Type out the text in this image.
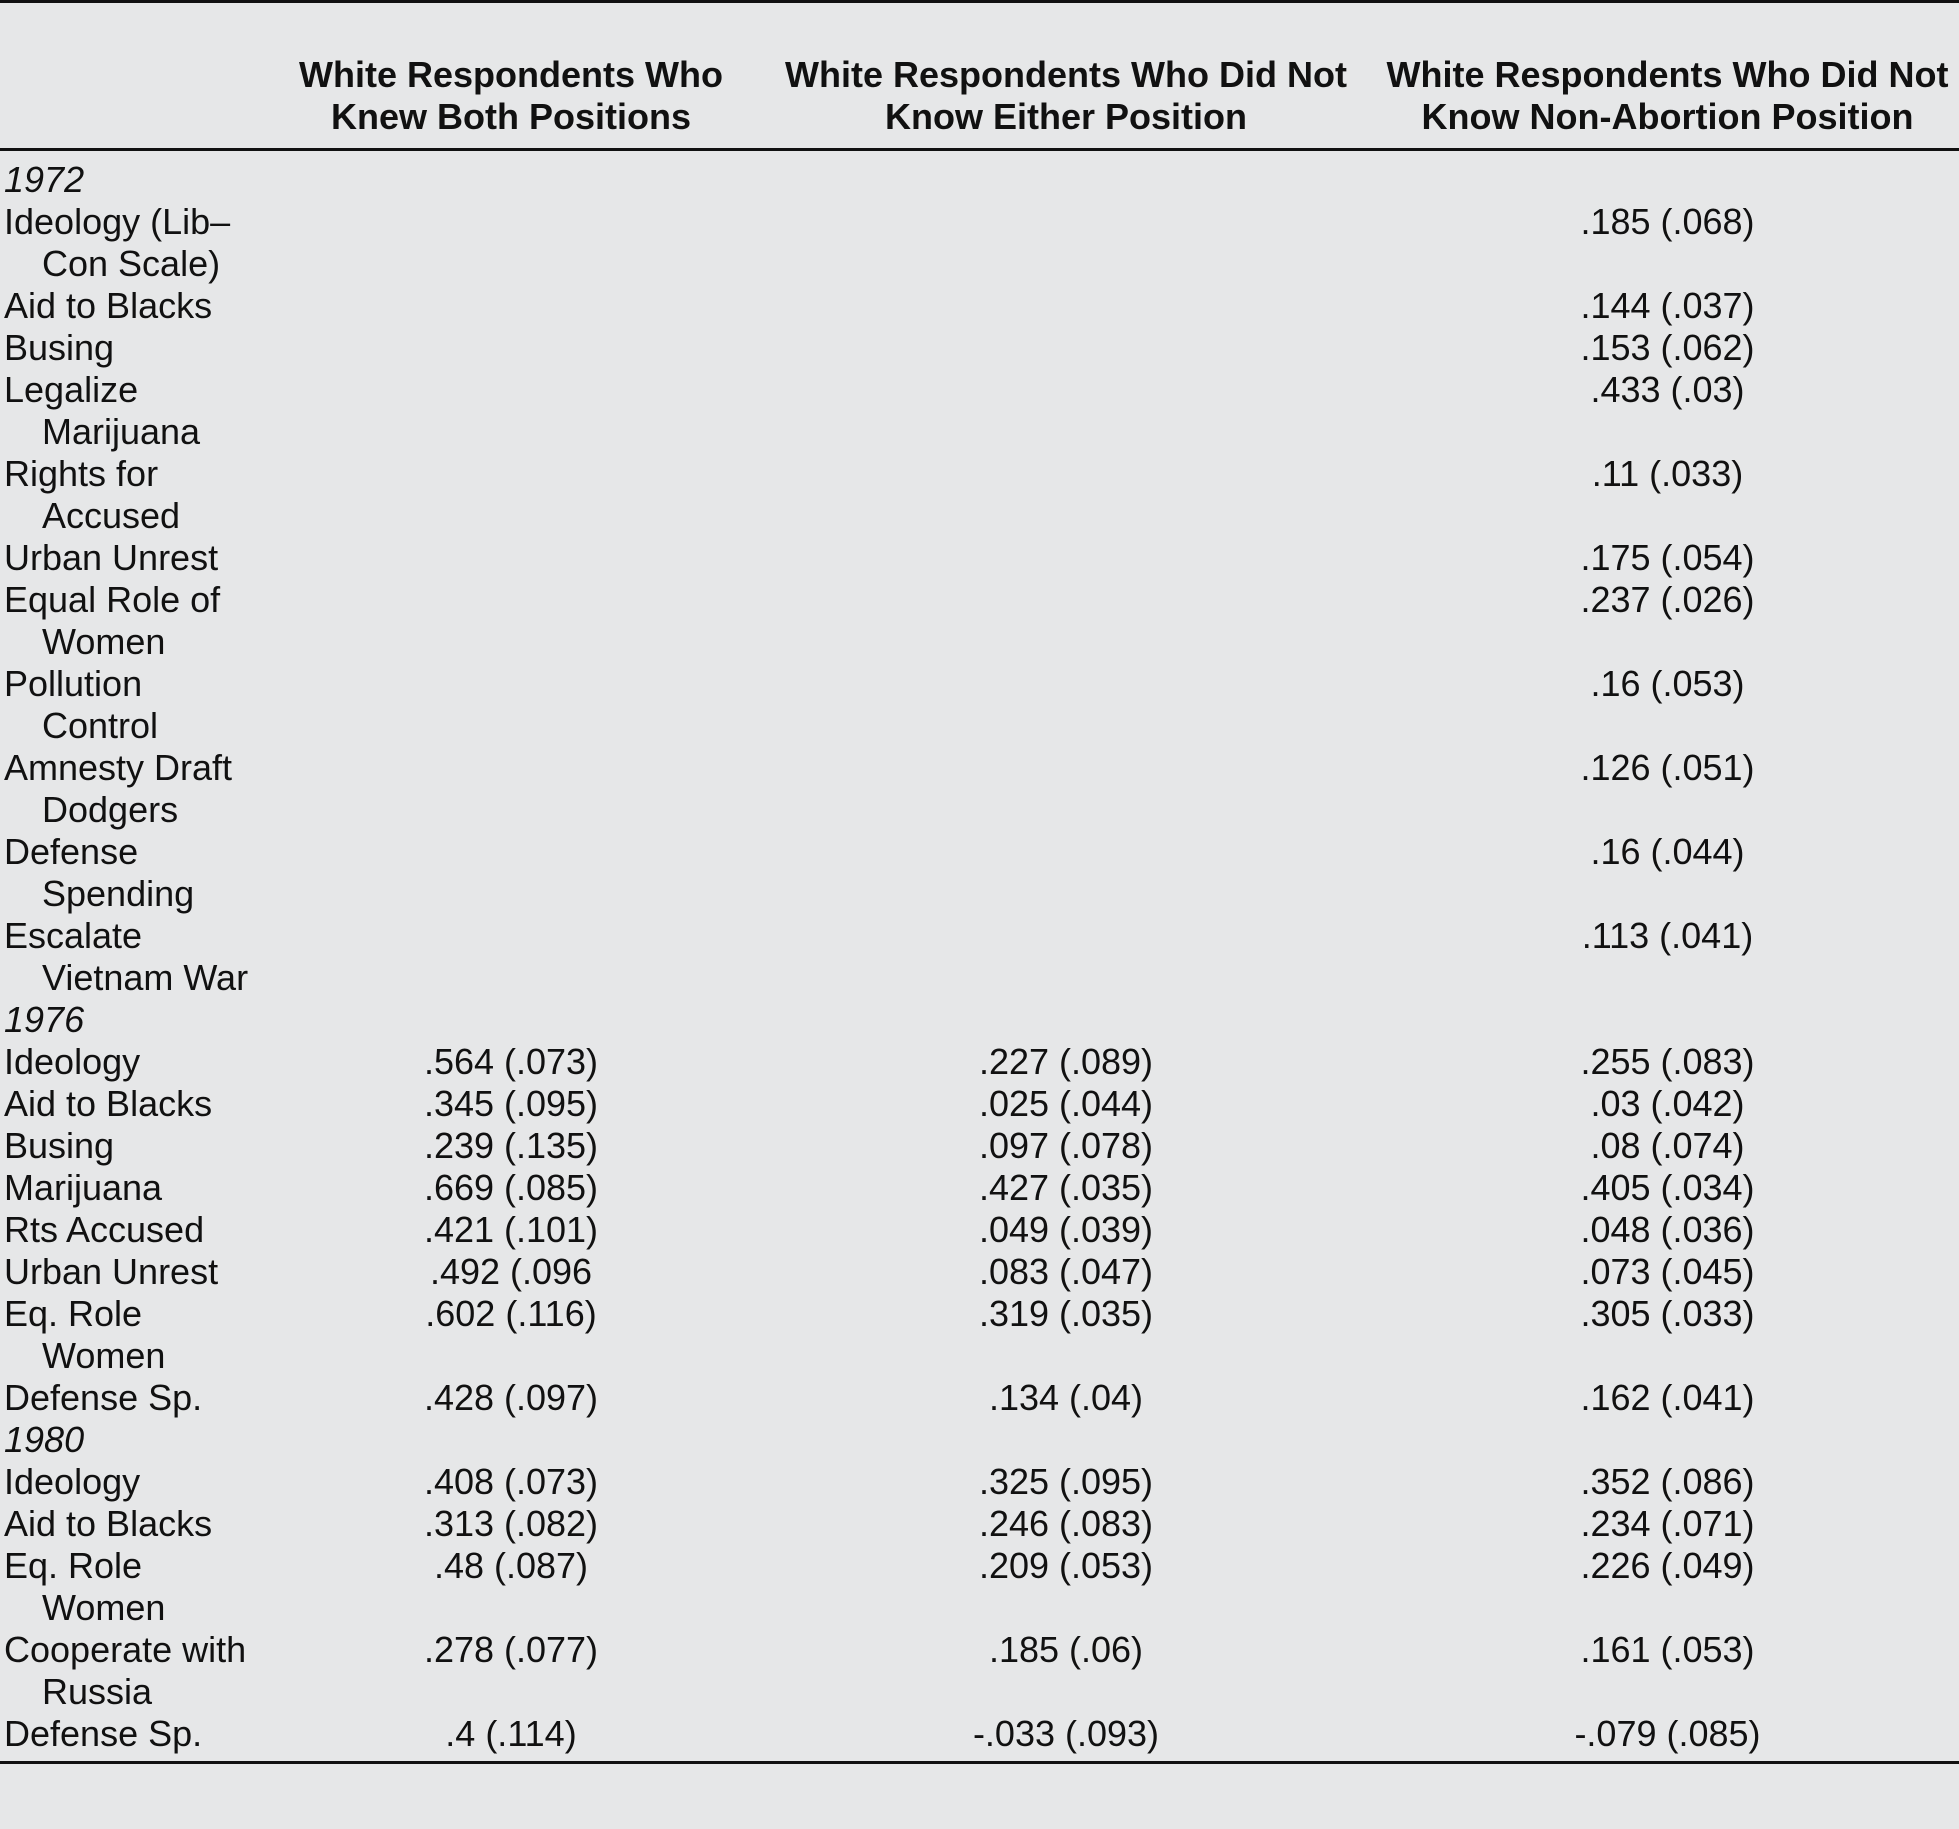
	White Respondents Who Knew Both Positions	White Respondents Who Did Not Know Either Position	White Respondents Who Did Not Know Non-Abortion Position
1972			
Ideology (Lib–Con Scale)			.185 (.068)
Aid to Blacks			.144 (.037)
Busing			.153 (.062)
Legalize Marijuana			.433 (.03)
Rights for Accused			.11 (.033)
Urban Unrest			.175 (.054)
Equal Role of Women			.237 (.026)
Pollution Control			.16 (.053)
Amnesty Draft Dodgers			.126 (.051)
Defense Spending			.16 (.044)
Escalate Vietnam War			.113 (.041)
1976			
Ideology	.564 (.073)	.227 (.089)	.255 (.083)
Aid to Blacks	.345 (.095)	.025 (.044)	.03 (.042)
Busing	.239 (.135)	.097 (.078)	.08 (.074)
Marijuana	.669 (.085)	.427 (.035)	.405 (.034)
Rts Accused	.421 (.101)	.049 (.039)	.048 (.036)
Urban Unrest	.492 (.096	.083 (.047)	.073 (.045)
Eq. Role Women	.602 (.116)	.319 (.035)	.305 (.033)
Defense Sp.	.428 (.097)	.134 (.04)	.162 (.041)
1980			
Ideology	.408 (.073)	.325 (.095)	.352 (.086)
Aid to Blacks	.313 (.082)	.246 (.083)	.234 (.071)
Eq. Role Women	.48 (.087)	.209 (.053)	.226 (.049)
Cooperate with Russia	.278 (.077)	.185 (.06)	.161 (.053)
Defense Sp.	.4 (.114)	-.033 (.093)	-.079 (.085)
